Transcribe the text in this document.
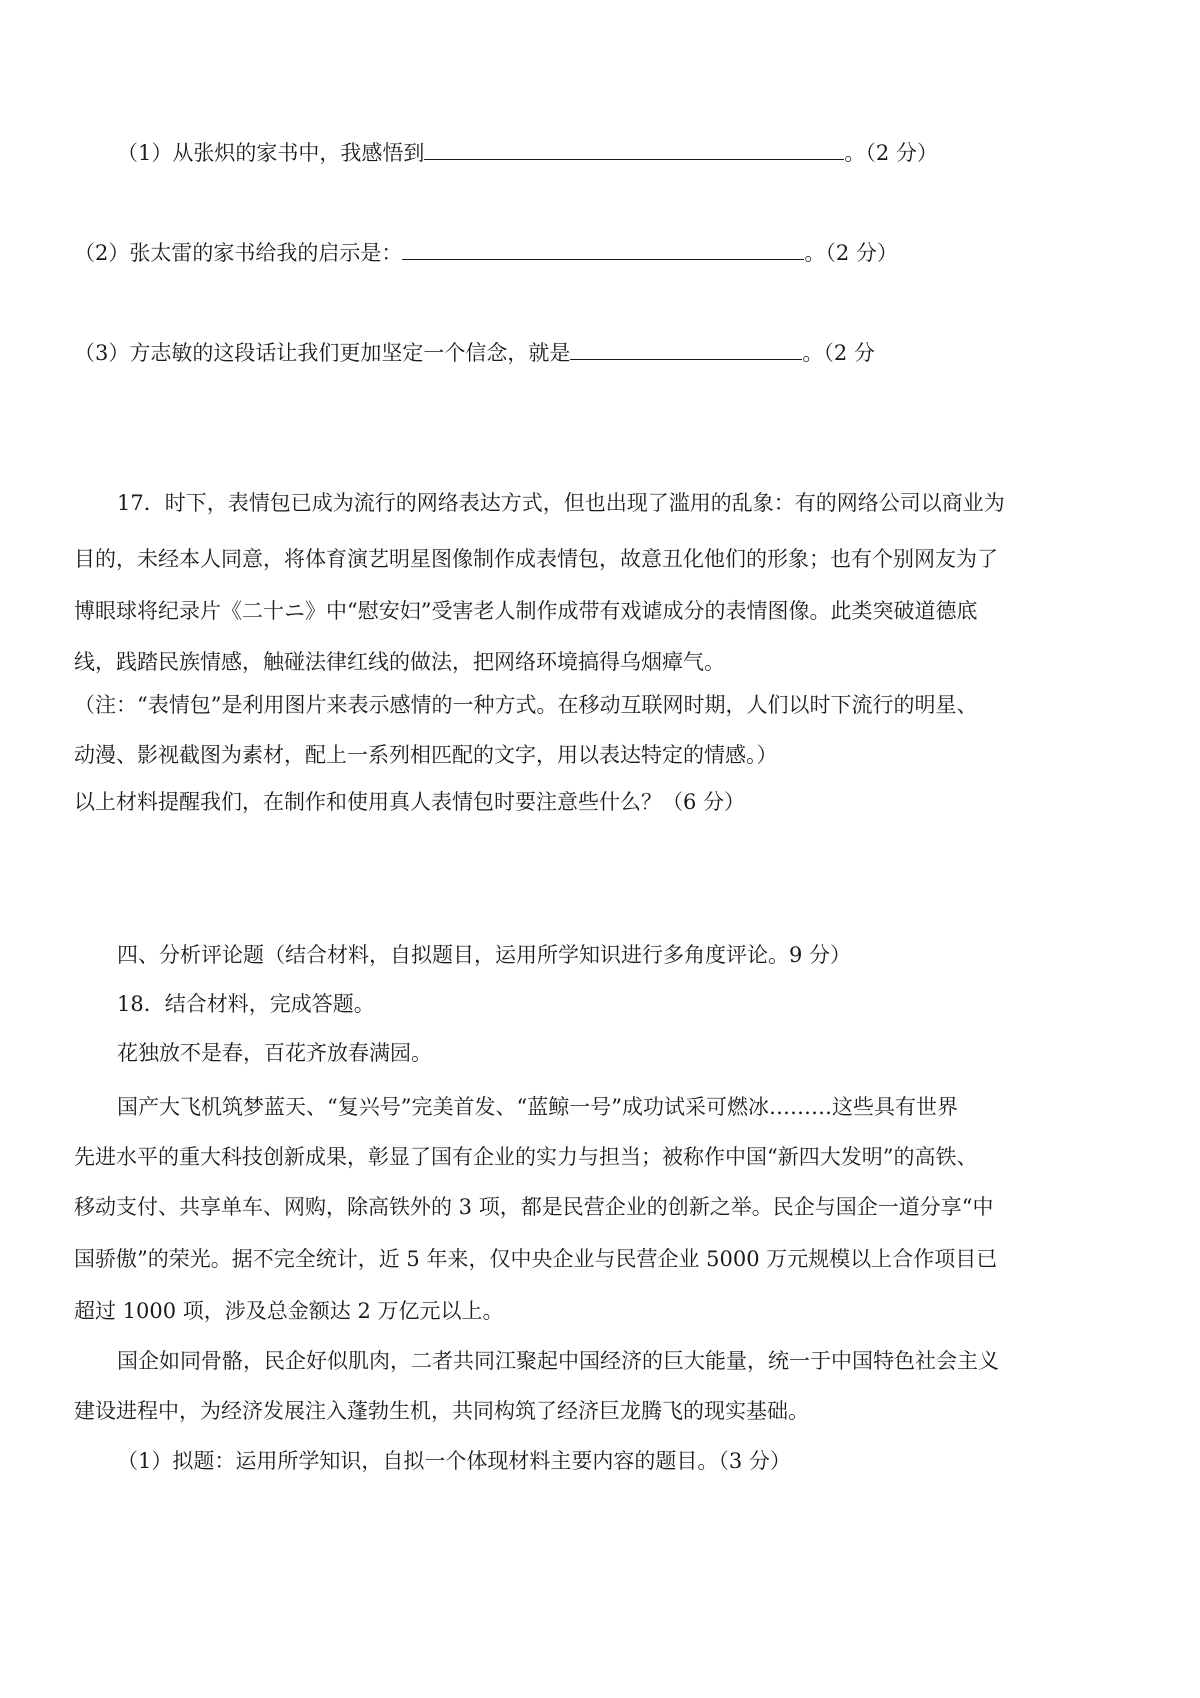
（1）从张炽的家书中，我感悟到	。（2 分）
（2）张太雷的家书给我的启示是：	。（2 分）
（3）方志敏的这段话让我们更加坚定一个信念，就是	。（2 分
17．时下，表情包已成为流行的网络表达方式，但也出现了滥用的乱象：有的网络公司以商业为
目的，未经本人同意，将体育演艺明星图像制作成表情包，故意丑化他们的形象；也有个别网友为了
博眼球将纪录片《二十ニ》中“慰安妇”受害老人制作成带有戏谑成分的表情图像。此类突破道德底
线，践踏民族情感，触碰法律红线的做法，把网络环境搞得乌烟瘴气。
（注：“表情包”是利用图片来表示感情的一种方式。在移动互联网时期，人们以时下流行的明星、
动漫、影视截图为素材，配上一系列相匹配的文字，用以表达特定的情感。）
以上材料提醒我们，在制作和使用真人表情包时要注意些什么？（6 分）
四、分析评论题（结合材料，自拟题目，运用所学知识进行多角度评论。9 分）
18．结合材料，完成答题。
花独放不是春，百花齐放春满园。
国产大飞机筑梦蓝天、“复兴号”完美首发、“蓝鲸一号”成功试采可燃冰………这些具有世界
先进水平的重大科技创新成果，彰显了国有企业的实力与担当；被称作中国“新四大发明”的高铁、
移动支付、共享单车、网购，除高铁外的 3 项，都是民营企业的创新之举。民企与国企一道分享“中
国骄傲”的荣光。据不完全统计，近 5 年来，仅中央企业与民营企业 5000 万元规模以上合作项目已
超过 1000 项，涉及总金额达 2 万亿元以上。
国企如同骨骼，民企好似肌肉，二者共同江聚起中国经济的巨大能量，统一于中国特色社会主义
建设进程中，为经济发展注入蓬勃生机，共同构筑了经济巨龙腾飞的现实基础。
（1）拟题：运用所学知识，自拟一个体现材料主要内容的题目。（3 分）
